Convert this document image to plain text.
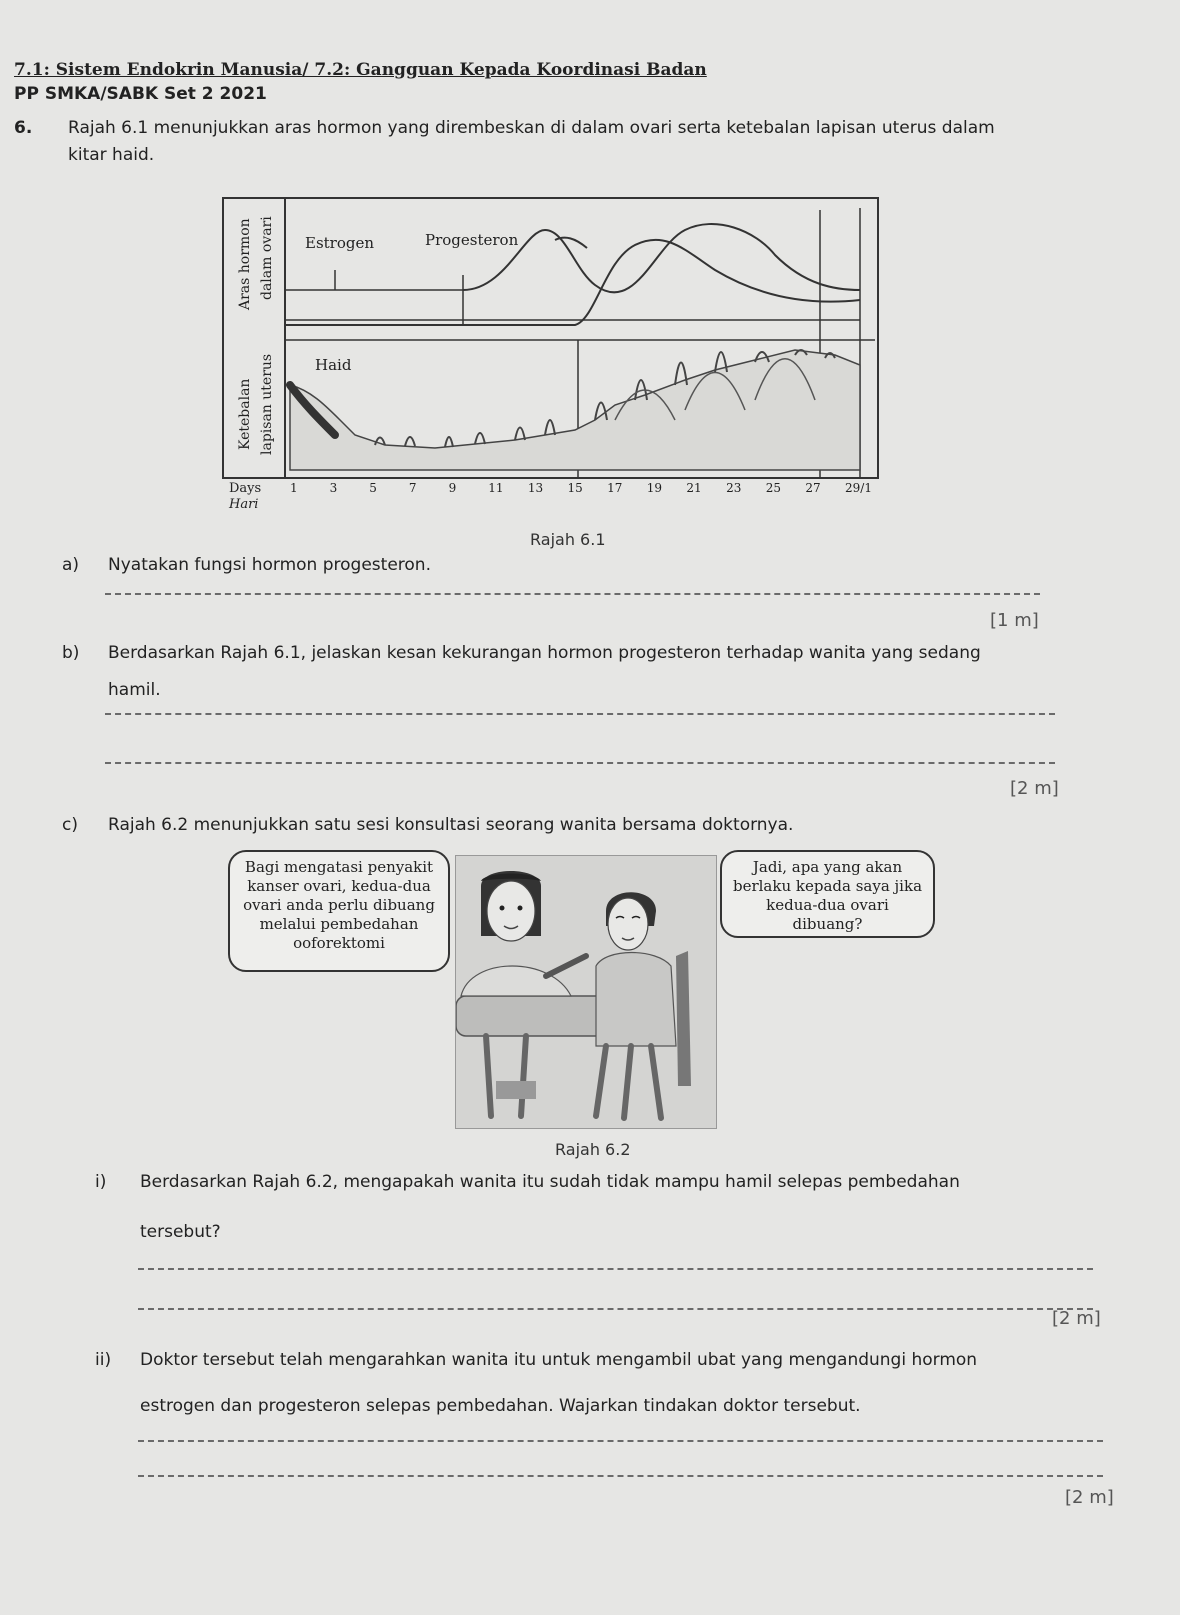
7.1: Sistem Endokrin Manusia/ 7.2: Gangguan Kepada Koordinasi Badan
PP SMKA/SABK Set 2 2021
6. Rajah 6.1 menunjukkan aras hormon yang dirembeskan di dalam ovari serta ketebalan lapisan uterus dalam
kitar haid.
Estrogen	Progesteron
Haid
Aras hormon dalam ovari
Ketebalan lapisan uterus
Days
Hari
1	3	5	7	9	11 13 15 17 19 21 23 25 27 29/1
Rajah 6.1
a) Nyatakan fungsi hormon progesteron.
[1 m]
b) Berdasarkan Rajah 6.1, jelaskan kesan kekurangan hormon progesteron terhadap wanita yang sedang
hamil.
[2 m]
c) Rajah 6.2 menunjukkan satu sesi konsultasi seorang wanita bersama doktornya.
Bagi mengatasi penyakit kanser ovari, kedua-dua ovari anda perlu dibuang melalui pembedahan ooforektomi
Jadi, apa yang akan berlaku kepada saya jika kedua-dua ovari dibuang?
Rajah 6.2
i) Berdasarkan Rajah 6.2, mengapakah wanita itu sudah tidak mampu hamil selepas pembedahan
tersebut?
[2 m]
ii) Doktor tersebut telah mengarahkan wanita itu untuk mengambil ubat yang mengandungi hormon
estrogen dan progesteron selepas pembedahan. Wajarkan tindakan doktor tersebut.
[2 m]
